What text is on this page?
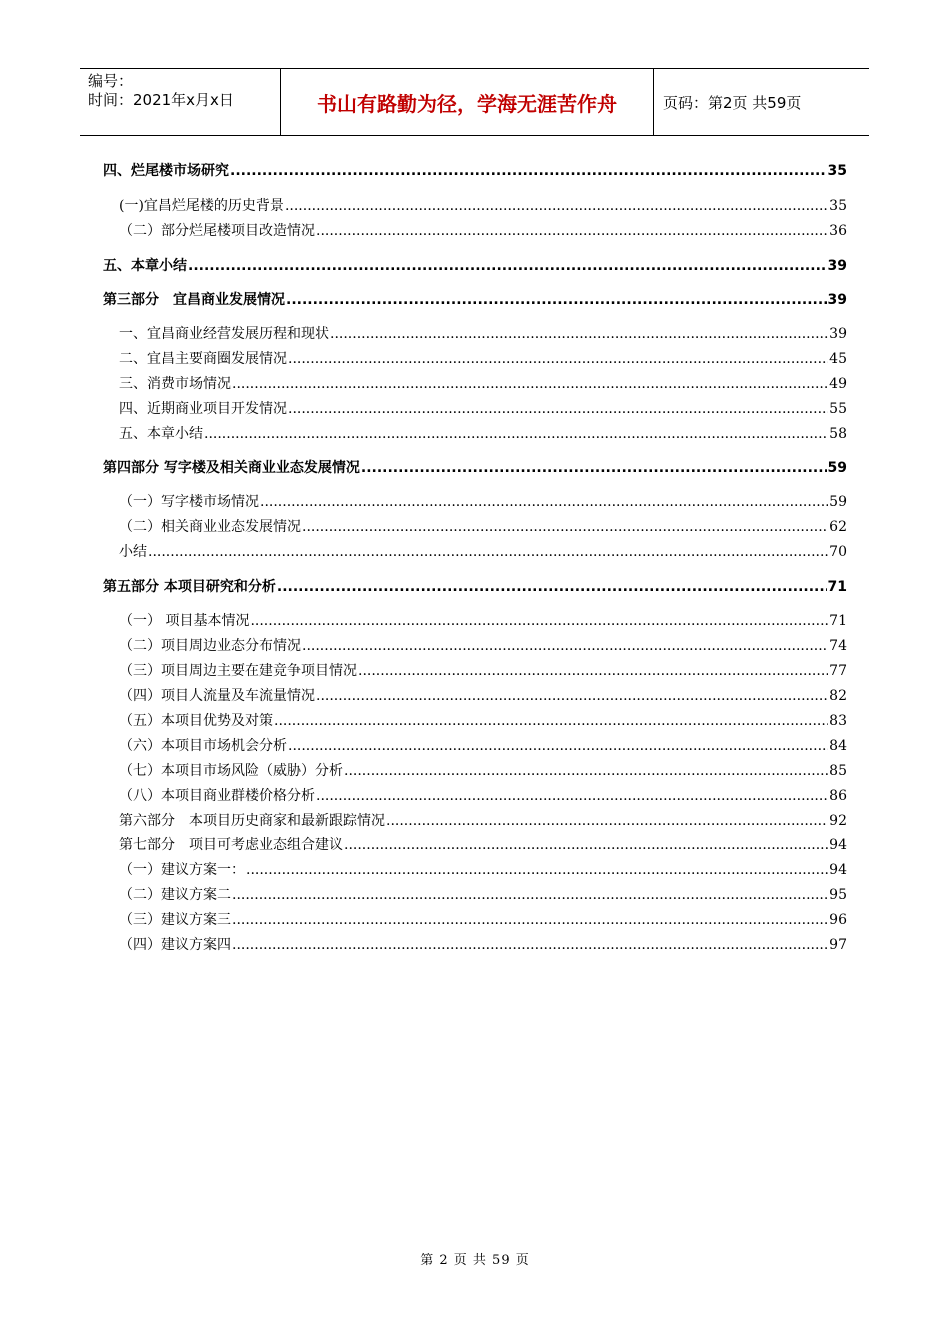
编号：
时间：2021年x月x日	书山有路勤为径，学海无涯苦作舟	页码：第2页 共59页
四、烂尾楼市场研究 .....	35
(一)宜昌烂尾楼的历史背景 .....	35
（二）部分烂尾楼项目改造情况 .....	36
五、本章小结 .....	39
第三部分　宜昌商业发展情况 .....	39
一、宜昌商业经营发展历程和现状 .....	39
二、宜昌主要商圈发展情况 .....	45
三、消费市场情况 .....	49
四、近期商业项目开发情况 .....	55
五、本章小结 .....	58
第四部分 写字楼及相关商业业态发展情况 .....	59
（一）写字楼市场情况 .....	59
（二）相关商业业态发展情况 .....	62
小结 .....	70
第五部分 本项目研究和分析 .....	71
（一） 项目基本情况 .....	71
（二）项目周边业态分布情况 .....	74
（三）项目周边主要在建竞争项目情况 .....	77
（四）项目人流量及车流量情况 .....	82
（五）本项目优势及对策 .....	83
（六）本项目市场机会分析 .....	84
（七）本项目市场风险（威胁）分析 .....	85
（八）本项目商业群楼价格分析 .....	86
第六部分　本项目历史商家和最新跟踪情况 .....	92
第七部分　项目可考虑业态组合建议 .....	94
（一）建议方案一： .....	94
（二）建议方案二 .....	95
（三）建议方案三 .....	96
（四）建议方案四 .....	97
第 2 页 共 59 页
